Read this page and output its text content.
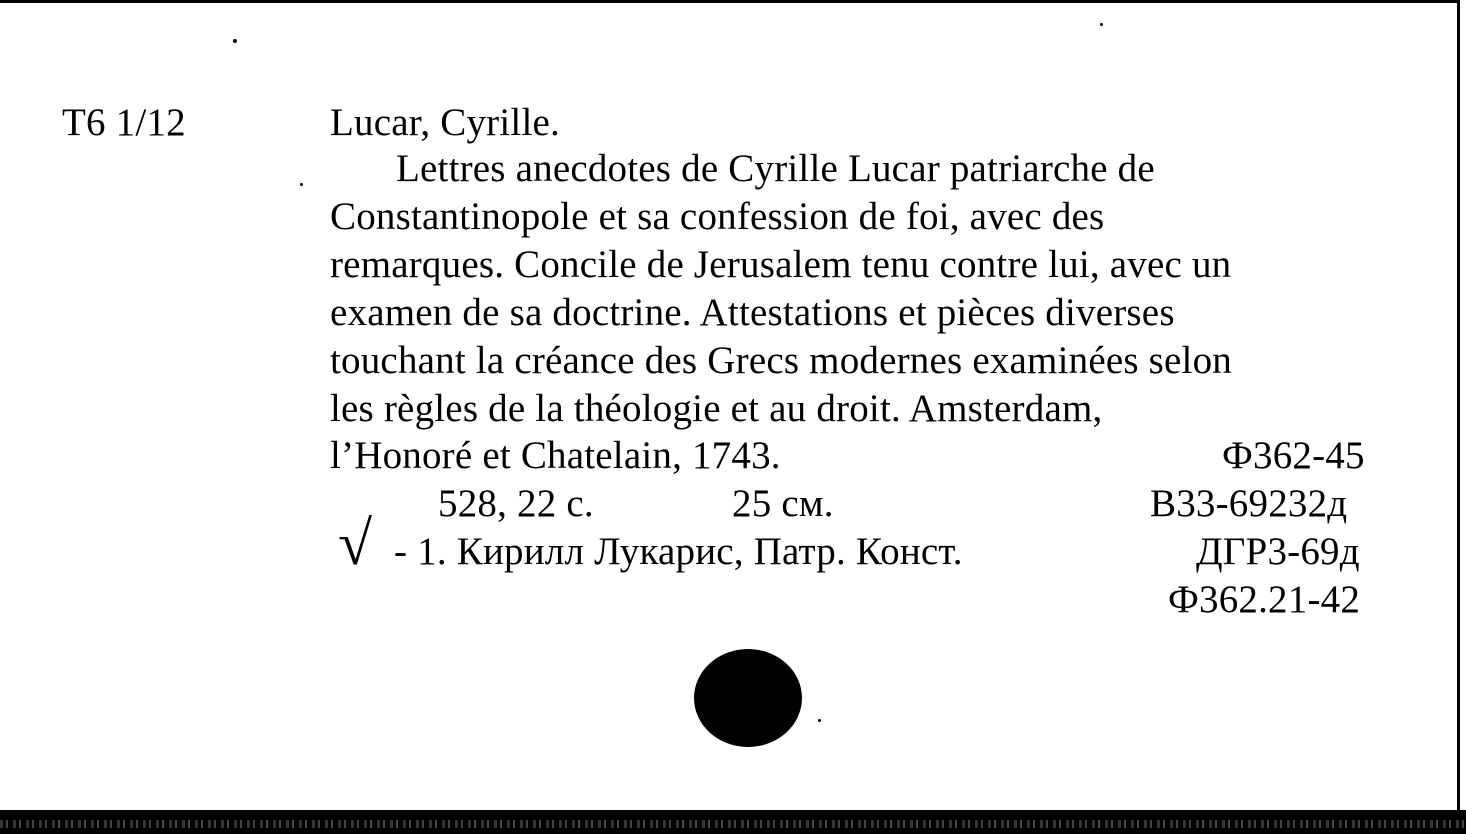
T6 1/12	Lucar, Cyrille.
Lettres anecdotes de Cyrille Lucar patriarche de
Constantinopole et sa confession de foi, avec des
remarques. Concile de Jerusalem tenu contre lui, avec un
examen de sa doctrine. Attestations et pièces diverses
touchant la créance des Grecs modernes examinées selon
les règles de la théologie et au droit. Amsterdam,
l’Honoré et Chatelain, 1743.
528, 22 с.	25 см.
√ - 1. Кирилл Лукарис, Патр. Конст.
Ф362-45
В33-69232д
ДГР3-69д
Ф362.21-42
